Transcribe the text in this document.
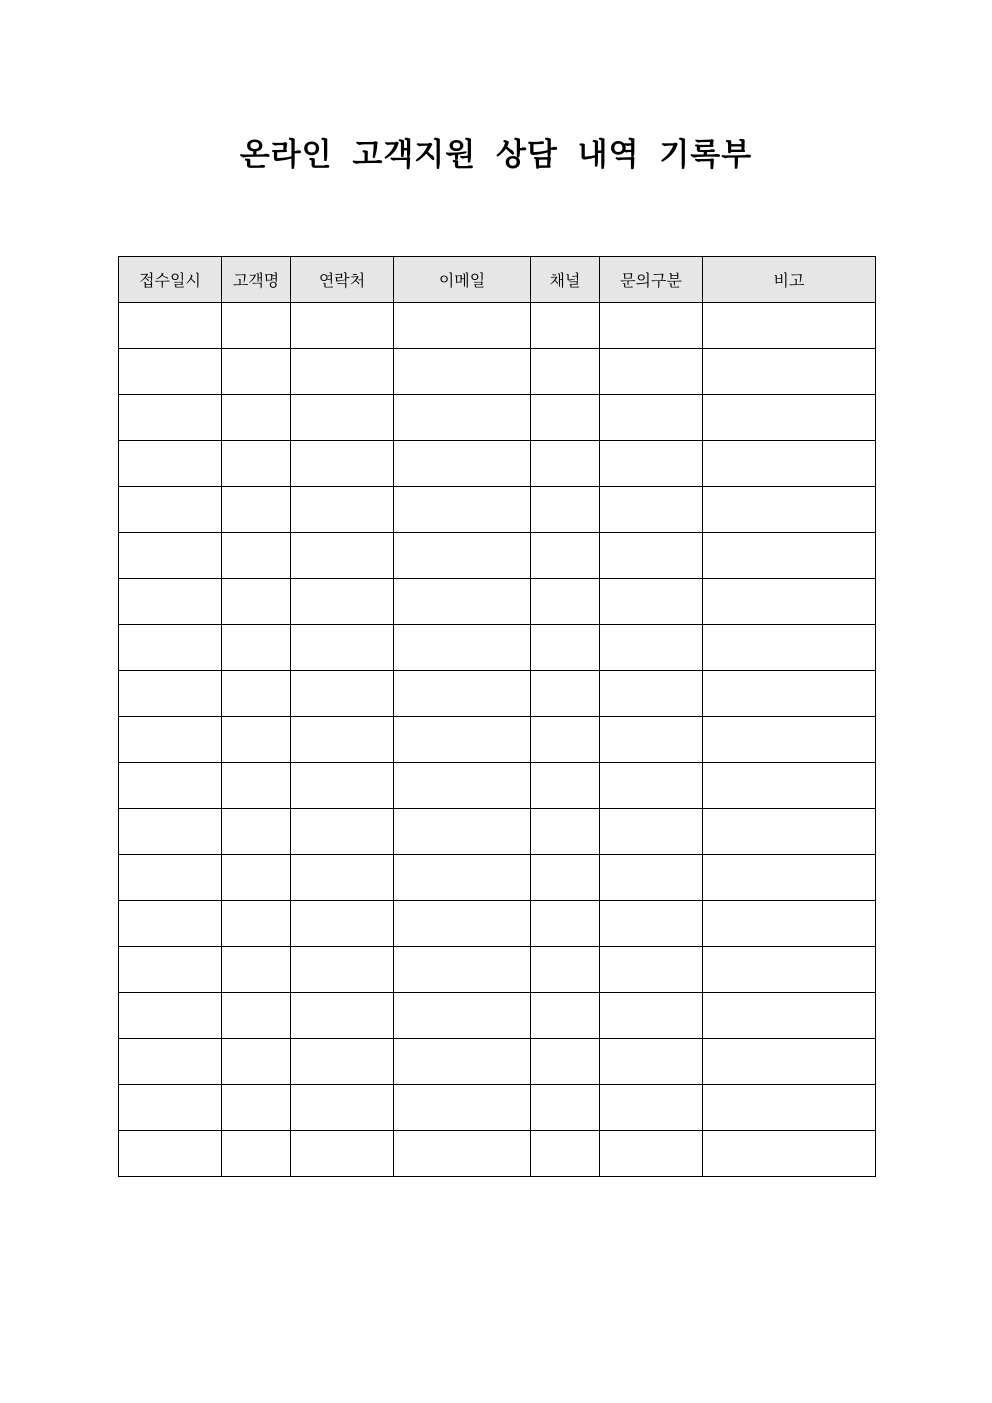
온라인 고객지원 상담 내역 기록부
접수일시	고객명	연락처	이메일	채널	문의구분	비고
